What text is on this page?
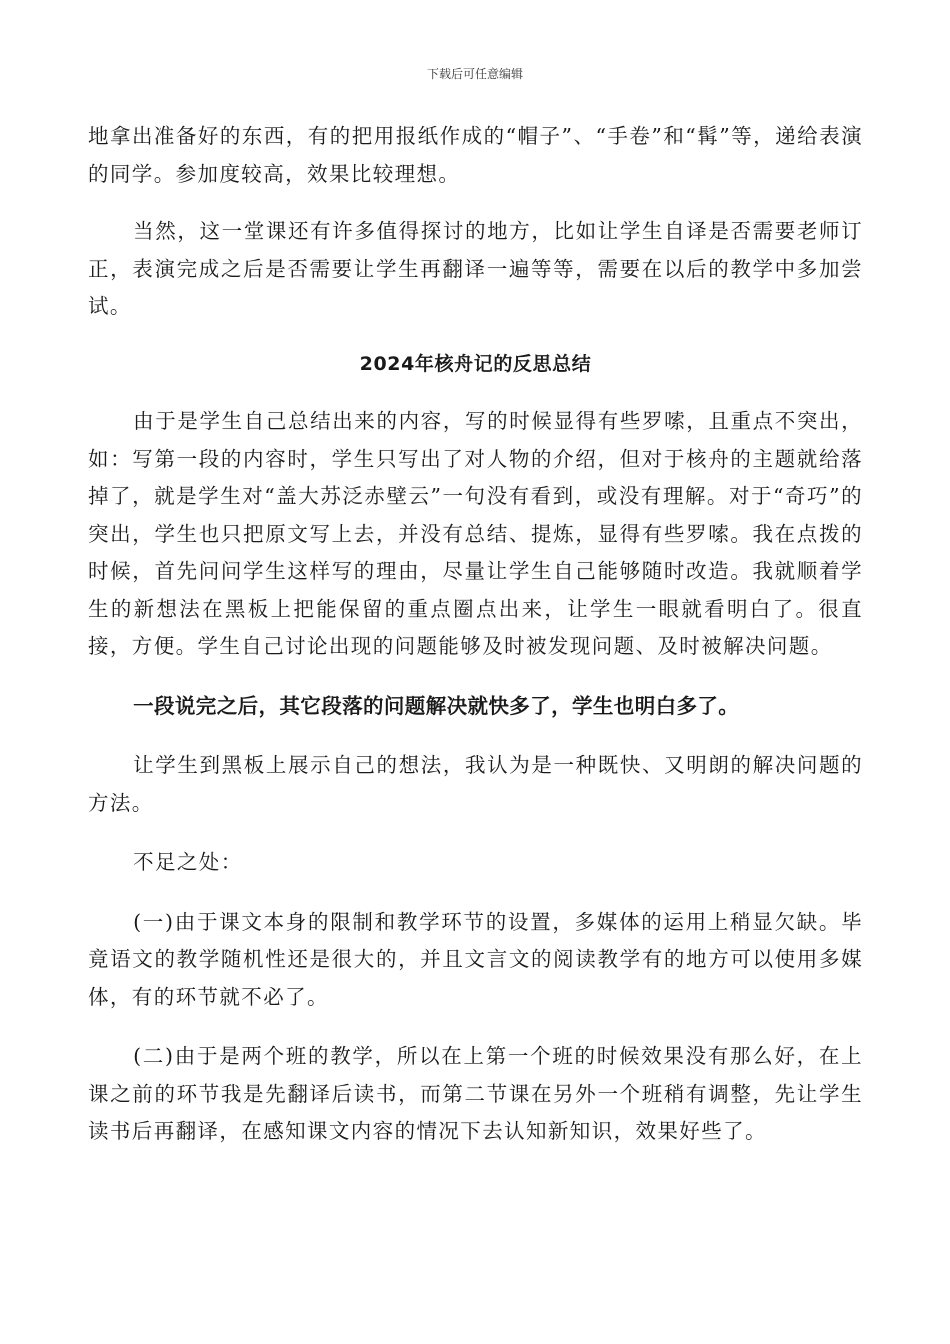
下载后可任意编辑

地拿出准备好的东西，有的把用报纸作成的“帽子”、“手卷”和“髯”等，递给表演的同学。参加度较高，效果比较理想。

当然，这一堂课还有许多值得探讨的地方，比如让学生自译是否需要老师订正，表演完成之后是否需要让学生再翻译一遍等等，需要在以后的教学中多加尝试。

2024年核舟记的反思总结

由于是学生自己总结出来的内容，写的时候显得有些罗嗦，且重点不突出，如：写第一段的内容时，学生只写出了对人物的介绍，但对于核舟的主题就给落掉了，就是学生对“盖大苏泛赤壁云”一句没有看到，或没有理解。对于“奇巧”的突出，学生也只把原文写上去，并没有总结、提炼，显得有些罗嗦。我在点拨的时候，首先问问学生这样写的理由，尽量让学生自己能够随时改造。我就顺着学生的新想法在黑板上把能保留的重点圈点出来，让学生一眼就看明白了。很直接，方便。学生自己讨论出现的问题能够及时被发现问题、及时被解决问题。

一段说完之后，其它段落的问题解决就快多了，学生也明白多了。

让学生到黑板上展示自己的想法，我认为是一种既快、又明朗的解决问题的方法。

不足之处：

(一)由于课文本身的限制和教学环节的设置，多媒体的运用上稍显欠缺。毕竟语文的教学随机性还是很大的，并且文言文的阅读教学有的地方可以使用多媒体，有的环节就不必了。

(二)由于是两个班的教学，所以在上第一个班的时候效果没有那么好，在上课之前的环节我是先翻译后读书，而第二节课在另外一个班稍有调整，先让学生读书后再翻译，在感知课文内容的情况下去认知新知识，效果好些了。
